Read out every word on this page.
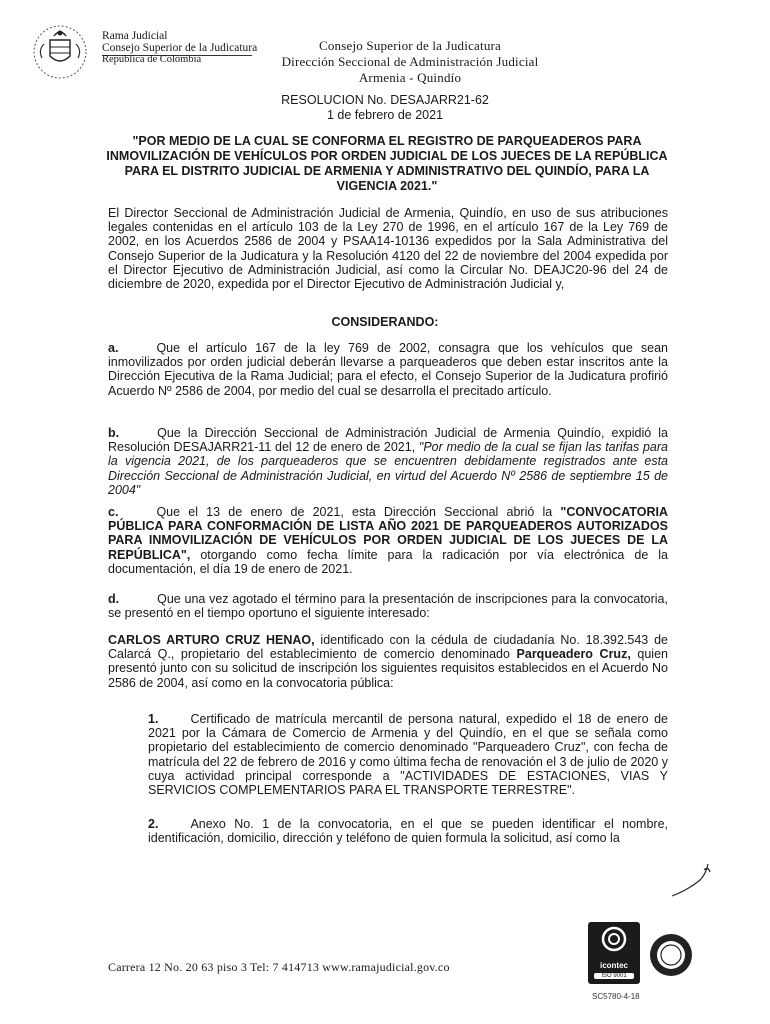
Rama Judicial
Consejo Superior de la Judicatura
República de Colombia
Consejo Superior de la Judicatura
Dirección Seccional de Administración Judicial
Armenia - Quindío
RESOLUCION No. DESAJARR21-62
1 de febrero de 2021
"POR MEDIO DE LA CUAL SE CONFORMA EL REGISTRO DE PARQUEADEROS PARA INMOVILIZACIÓN DE VEHÍCULOS POR ORDEN JUDICIAL DE LOS JUECES DE LA REPÚBLICA PARA EL DISTRITO JUDICIAL DE ARMENIA Y ADMINISTRATIVO DEL QUINDÍO, PARA LA VIGENCIA 2021."

El Director Seccional de Administración Judicial de Armenia, Quindío, en uso de sus atribuciones legales contenidas en el artículo 103 de la Ley 270 de 1996, en el artículo 167 de la Ley 769 de 2002, en los Acuerdos 2586 de 2004 y PSAA14-10136 expedidos por la Sala Administrativa del Consejo Superior de la Judicatura y la Resolución 4120 del 22 de noviembre del 2004 expedida por el Director Ejecutivo de Administración Judicial, así como la Circular No. DEAJC20-96 del 24 de diciembre de 2020, expedida por el Director Ejecutivo de Administración Judicial y,

CONSIDERANDO:

a.	Que el artículo 167 de la ley 769 de 2002, consagra que los vehículos que sean inmovilizados por orden judicial deberán llevarse a parqueaderos que deben estar inscritos ante la Dirección Ejecutiva de la Rama Judicial; para el efecto, el Consejo Superior de la Judicatura profirió Acuerdo Nº 2586 de 2004, por medio del cual se desarrolla el precitado artículo.

b.	Que la Dirección Seccional de Administración Judicial de Armenia Quindío, expidió la Resolución DESAJARR21-11 del 12 de enero de 2021, "Por medio de la cual se fijan las tarifas para la vigencia 2021, de los parqueaderos que se encuentren debidamente registrados ante esta Dirección Seccional de Administración Judicial, en virtud del Acuerdo Nº 2586 de septiembre 15 de 2004"

c.	Que el 13 de enero de 2021, esta Dirección Seccional abrió la "CONVOCATORIA PÚBLICA PARA CONFORMACIÓN DE LISTA AÑO 2021 DE PARQUEADEROS AUTORIZADOS PARA INMOVILIZACIÓN DE VEHÍCULOS POR ORDEN JUDICIAL DE LOS JUECES DE LA REPÚBLICA", otorgando como fecha límite para la radicación por vía electrónica de la documentación, el día 19 de enero de 2021.

d.	Que una vez agotado el término para la presentación de inscripciones para la convocatoria, se presentó en el tiempo oportuno el siguiente interesado:

CARLOS ARTURO CRUZ HENAO, identificado con la cédula de ciudadanía No. 18.392.543 de Calarcá Q., propietario del establecimiento de comercio denominado Parqueadero Cruz, quien presentó junto con su solicitud de inscripción los siguientes requisitos establecidos en el Acuerdo No 2586 de 2004, así como en la convocatoria pública:

1.	Certificado de matrícula mercantil de persona natural, expedido el 18 de enero de 2021 por la Cámara de Comercio de Armenia y del Quindío, en el que se señala como propietario del establecimiento de comercio denominado "Parqueadero Cruz", con fecha de matrícula del 22 de febrero de 2016 y como última fecha de renovación el 3 de julio de 2020 y cuya actividad principal corresponde a "ACTIVIDADES DE ESTACIONES, VIAS Y SERVICIOS COMPLEMENTARIOS PARA EL TRANSPORTE TERRESTRE".

2.	Anexo No. 1 de la convocatoria, en el que se pueden identificar el nombre, identificación, domicilio, dirección y teléfono de quien formula la solicitud, así como la

Carrera 12 No. 20 63 piso 3 Tel: 7 414713 www.ramajudicial.gov.co	icontec
ISO 9001
SC5780-4-18
